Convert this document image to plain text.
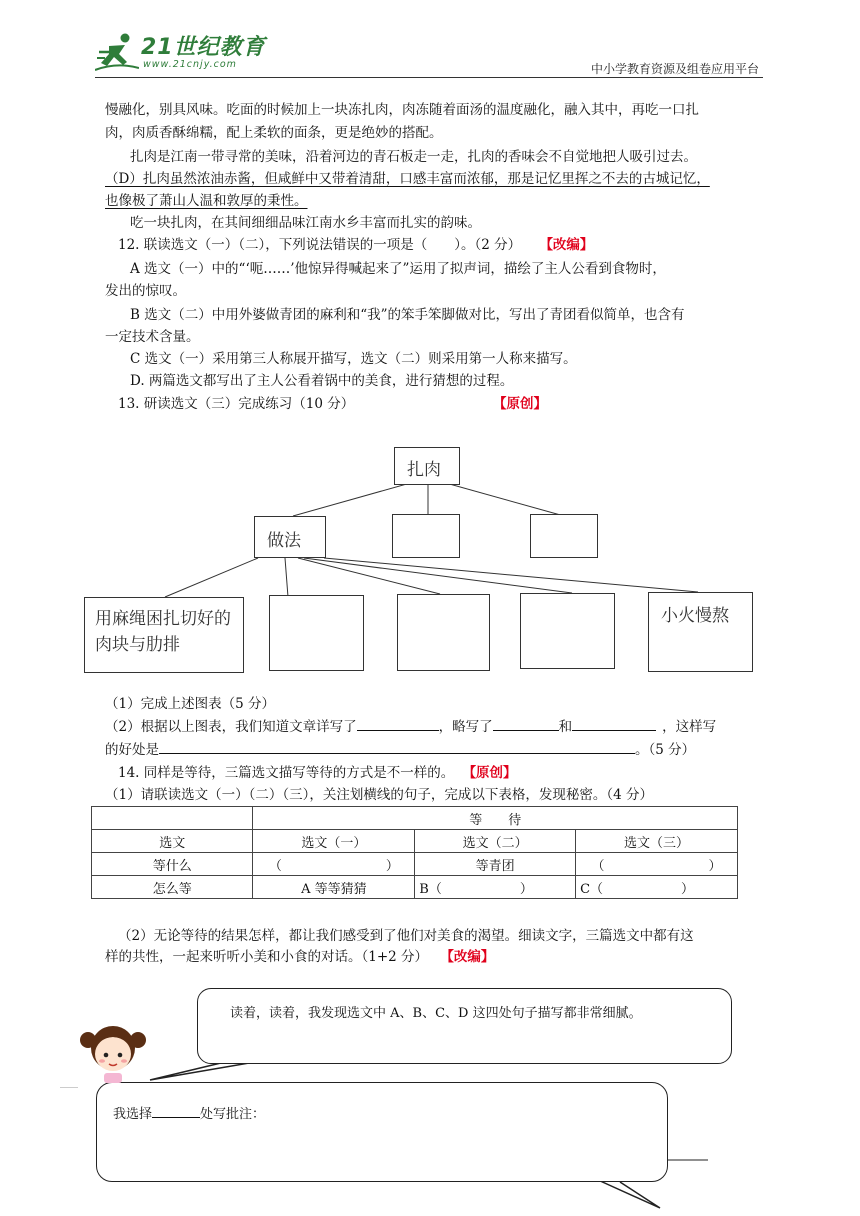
21世纪教育
www.21cnjy.com	中小学教育资源及组卷应用平台
慢融化，别具风味。吃面的时候加上一块冻扎肉，肉冻随着面汤的温度融化，融入其中，再吃一口扎
肉，肉质香酥绵糯，配上柔软的面条，更是绝妙的搭配。
扎肉是江南一带寻常的美味，沿着河边的青石板走一走，扎肉的香味会不自觉地把人吸引过去。
（D）扎肉虽然浓油赤酱，但咸鲜中又带着清甜，口感丰富而浓郁，那是记忆里挥之不去的古城记忆，
也像极了萧山人温和敦厚的秉性。
吃一块扎肉，在其间细细品味江南水乡丰富而扎实的韵味。
12. 联读选文（一）（二），下列说法错误的一项是（　　）。（2 分） 【改编】
A 选文（一）中的“‘呃……’他惊异得喊起来了”运用了拟声词，描绘了主人公看到食物时，
发出的惊叹。
B 选文（二）中用外婆做青团的麻利和“我”的笨手笨脚做对比，写出了青团看似简单，也含有
一定技术含量。
C 选文（一）采用第三人称展开描写，选文（二）则采用第一人称来描写。
D. 两篇选文都写出了主人公看着锅中的美食，进行猜想的过程。
13. 研读选文（三）完成练习（10 分）	【原创】
扎肉
做法
用麻绳困扎切好的肉块与肋排
小火慢熬
（1）完成上述图表（5 分）
（2）根据以上图表，我们知道文章详写了	，略写了	和	，这样写
的好处是	。（5 分）
14. 同样是等待，三篇选文描写等待的方式是不一样的。 【原创】
（1）请联读选文（一）（二）（三），关注划横线的句子，完成以下表格，发现秘密。（4 分）
	等　　待		
选文	选文（一）	选文（二）	选文（三）
等什么	（　　　　　　　　）	等青团	（　　　　　　　　）
怎么等	A 等等猜猜	B（　　　　　　）	C（　　　　　　）
（2）无论等待的结果怎样，都让我们感受到了他们对美食的渴望。细读文字，三篇选文中都有这
样的共性，一起来听听小美和小食的对话。（1+2 分） 【改编】
读着，读着，我发现选文中 A、B、C、D 这四处句子描写都非常细腻。
我选择	处写批注：
